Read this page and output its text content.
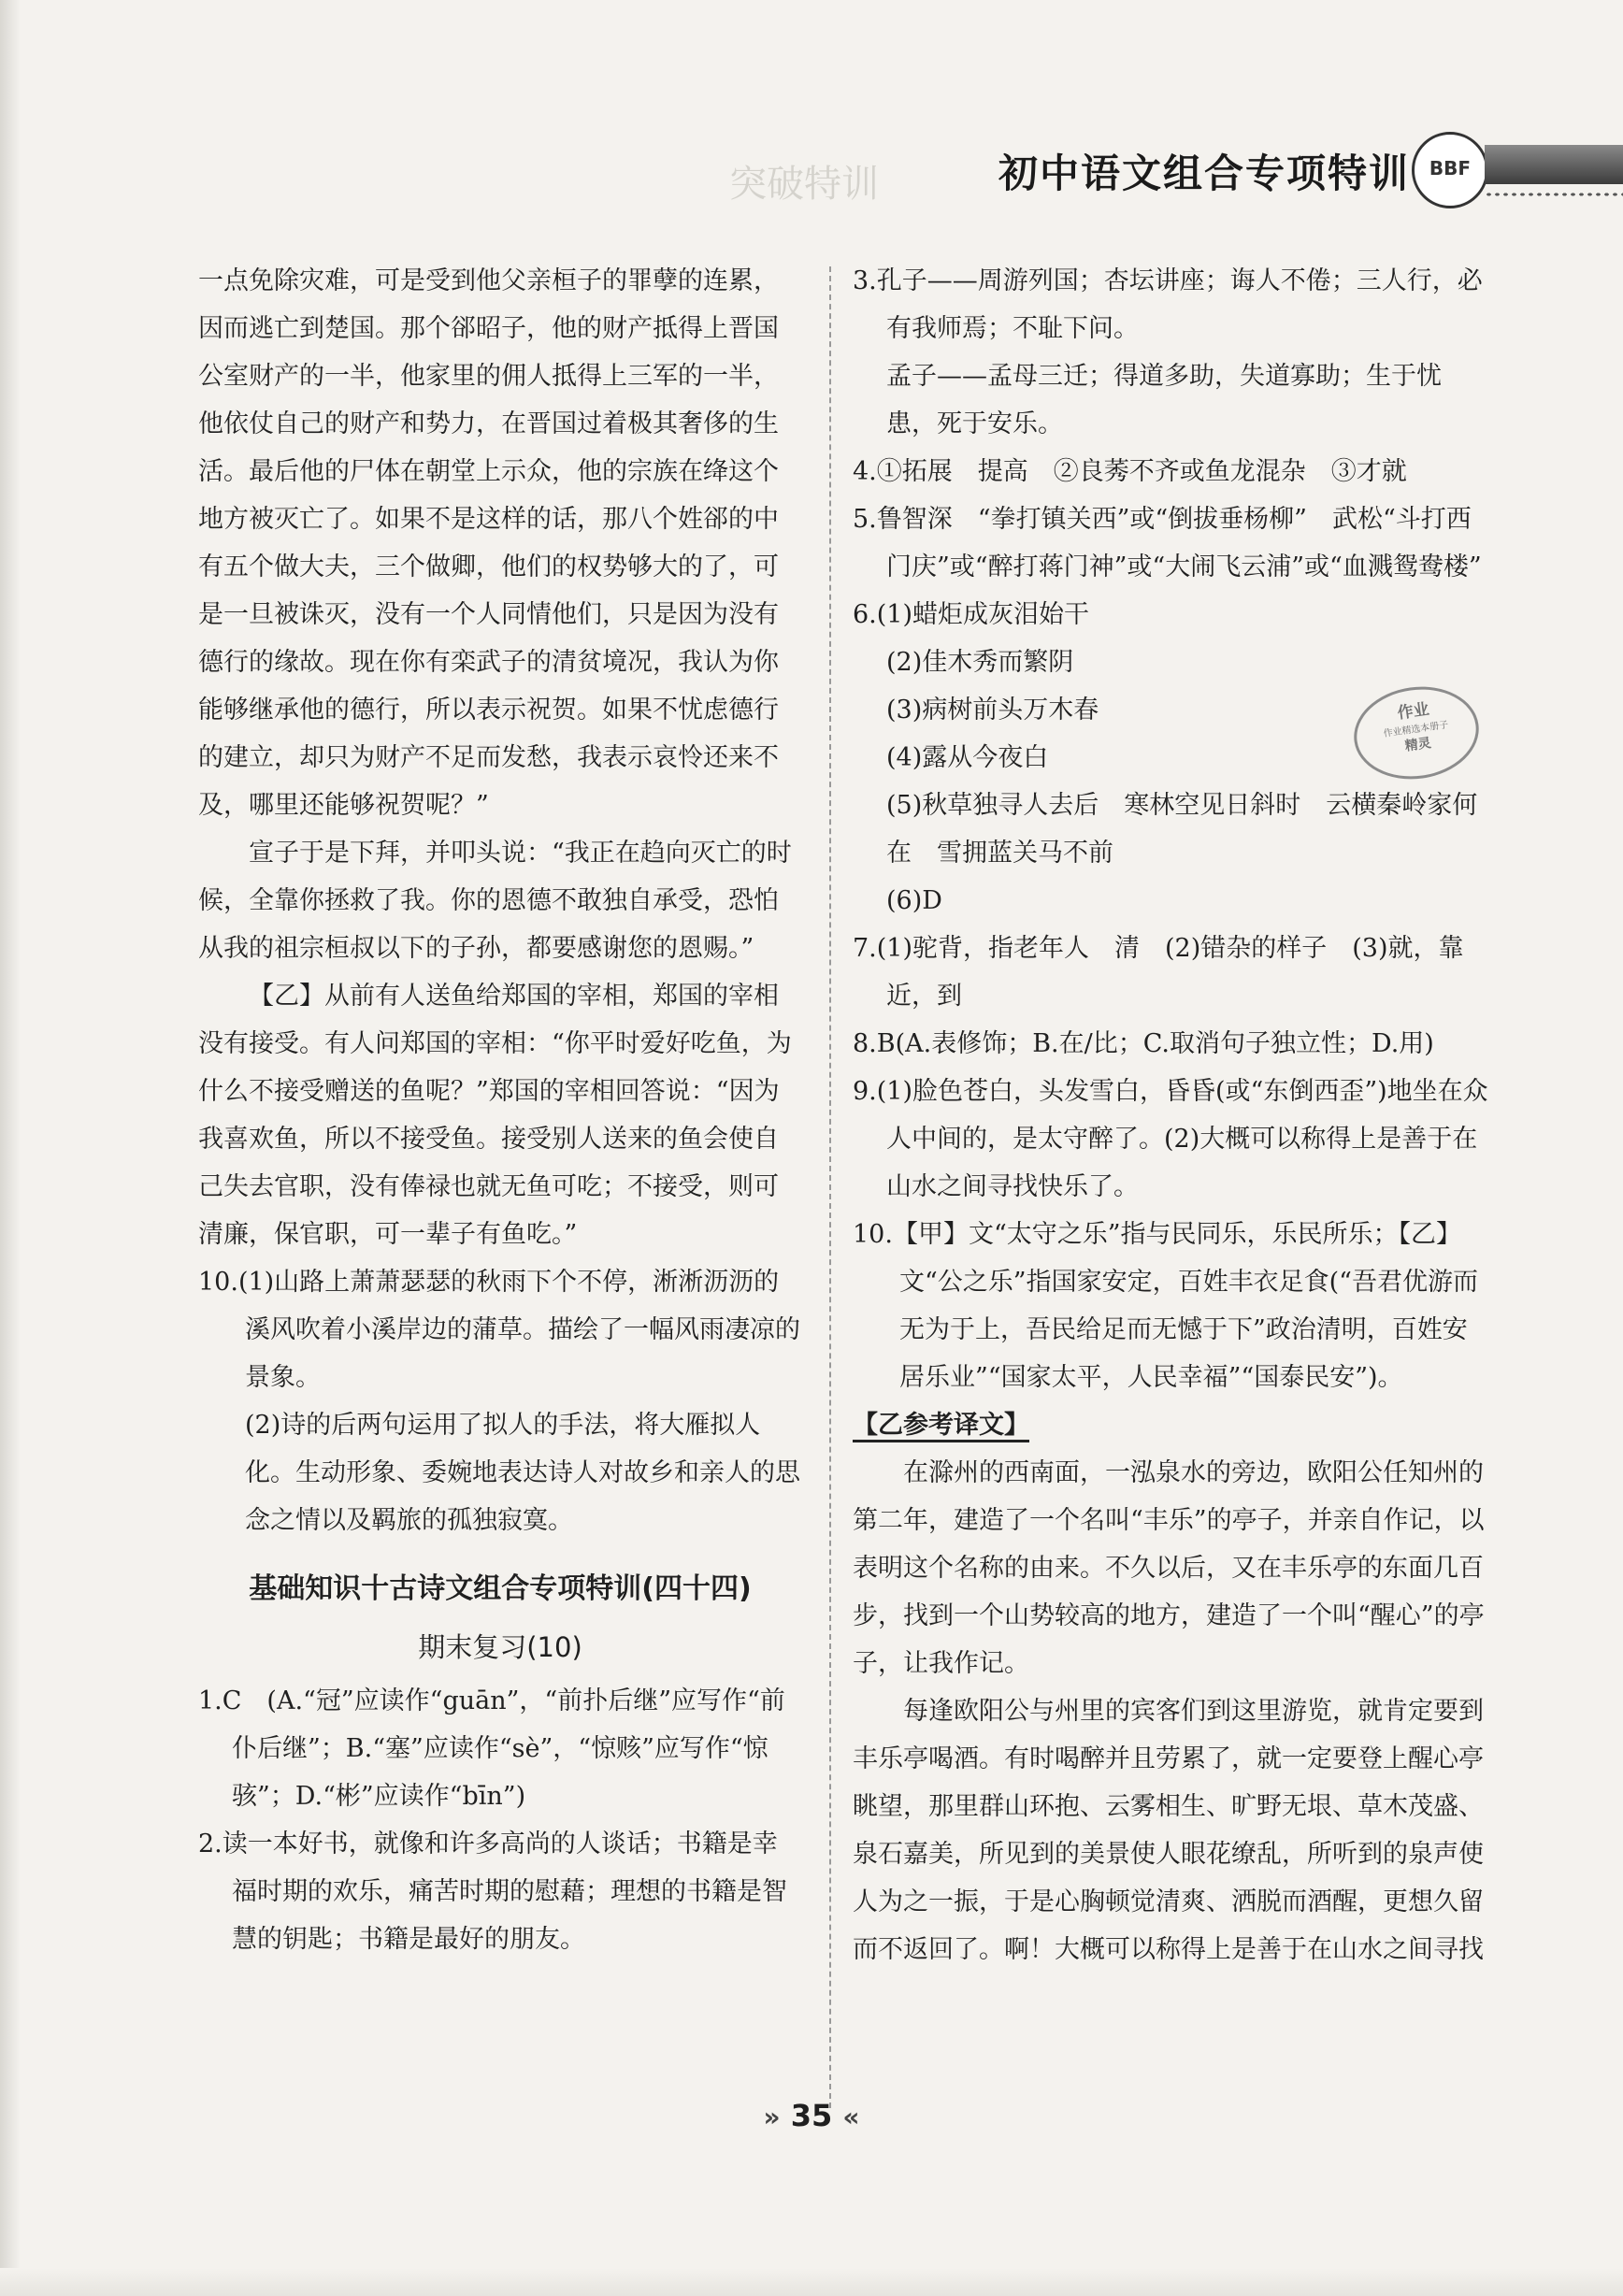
突破特训	初中语文组合专项特训	BBF

一点免除灾难，可是受到他父亲桓子的罪孽的连累，因而逃亡到楚国。那个郤昭子，他的财产抵得上晋国公室财产的一半，他家里的佣人抵得上三军的一半，他依仗自己的财产和势力，在晋国过着极其奢侈的生活。最后他的尸体在朝堂上示众，他的宗族在绛这个地方被灭亡了。如果不是这样的话，那八个姓郤的中有五个做大夫，三个做卿，他们的权势够大的了，可是一旦被诛灭，没有一个人同情他们，只是因为没有德行的缘故。现在你有栾武子的清贫境况，我认为你能够继承他的德行，所以表示祝贺。如果不忧虑德行的建立，却只为财产不足而发愁，我表示哀怜还来不及，哪里还能够祝贺呢？”

宣子于是下拜，并叩头说：“我正在趋向灭亡的时候，全靠你拯救了我。你的恩德不敢独自承受，恐怕从我的祖宗桓叔以下的子孙，都要感谢您的恩赐。”

【乙】从前有人送鱼给郑国的宰相，郑国的宰相没有接受。有人问郑国的宰相：“你平时爱好吃鱼，为什么不接受赠送的鱼呢？”郑国的宰相回答说：“因为我喜欢鱼，所以不接受鱼。接受别人送来的鱼会使自己失去官职，没有俸禄也就无鱼可吃；不接受，则可清廉，保官职，可一辈子有鱼吃。”

10.(1)山路上萧萧瑟瑟的秋雨下个不停，淅淅沥沥的溪风吹着小溪岸边的蒲草。描绘了一幅风雨凄凉的景象。

(2)诗的后两句运用了拟人的手法，将大雁拟人化。生动形象、委婉地表达诗人对故乡和亲人的思念之情以及羁旅的孤独寂寞。

基础知识十古诗文组合专项特训(四十四)

期末复习(10)

1.C　(A.“冠”应读作“guān”，“前扑后继”应写作“前仆后继”；B.“塞”应读作“sè”，“惊赅”应写作“惊骇”；D.“彬”应读作“bīn”)

2.读一本好书，就像和许多高尚的人谈话；书籍是幸福时期的欢乐，痛苦时期的慰藉；理想的书籍是智慧的钥匙；书籍是最好的朋友。

3.孔子——周游列国；杏坛讲座；诲人不倦；三人行，必有我师焉；不耻下问。

孟子——孟母三迁；得道多助，失道寡助；生于忧患，死于安乐。

4.①拓展　提高　②良莠不齐或鱼龙混杂　③才就

5.鲁智深　“拳打镇关西”或“倒拔垂杨柳”　武松“斗打西门庆”或“醉打蒋门神”或“大闹飞云浦”或“血溅鸳鸯楼”

6.(1)蜡炬成灰泪始干

(2)佳木秀而繁阴

(3)病树前头万木春

(4)露从今夜白

(5)秋草独寻人去后　寒林空见日斜时　云横秦岭家何在　雪拥蓝关马不前

(6)D

7.(1)驼背，指老年人　清　(2)错杂的样子　(3)就，靠近，到

8.B(A.表修饰；B.在/比；C.取消句子独立性；D.用)

9.(1)脸色苍白，头发雪白，昏昏(或“东倒西歪”)地坐在众人中间的，是太守醉了。(2)大概可以称得上是善于在山水之间寻找快乐了。

10.【甲】文“太守之乐”指与民同乐，乐民所乐；【乙】文“公之乐”指国家安定，百姓丰衣足食(“吾君优游而无为于上，吾民给足而无憾于下”政治清明，百姓安居乐业”“国家太平，人民幸福”“国泰民安”)。

【乙参考译文】

在滁州的西南面，一泓泉水的旁边，欧阳公任知州的第二年，建造了一个名叫“丰乐”的亭子，并亲自作记，以表明这个名称的由来。不久以后，又在丰乐亭的东面几百步，找到一个山势较高的地方，建造了一个叫“醒心”的亭子，让我作记。

每逢欧阳公与州里的宾客们到这里游览，就肯定要到丰乐亭喝酒。有时喝醉并且劳累了，就一定要登上醒心亭眺望，那里群山环抱、云雾相生、旷野无垠、草木茂盛、泉石嘉美，所见到的美景使人眼花缭乱，所听到的泉声使人为之一振，于是心胸顿觉清爽、洒脱而酒醒，更想久留而不返回了。啊！大概可以称得上是善于在山水之间寻找

作业
作业精选本册子
精灵
» 35 «
